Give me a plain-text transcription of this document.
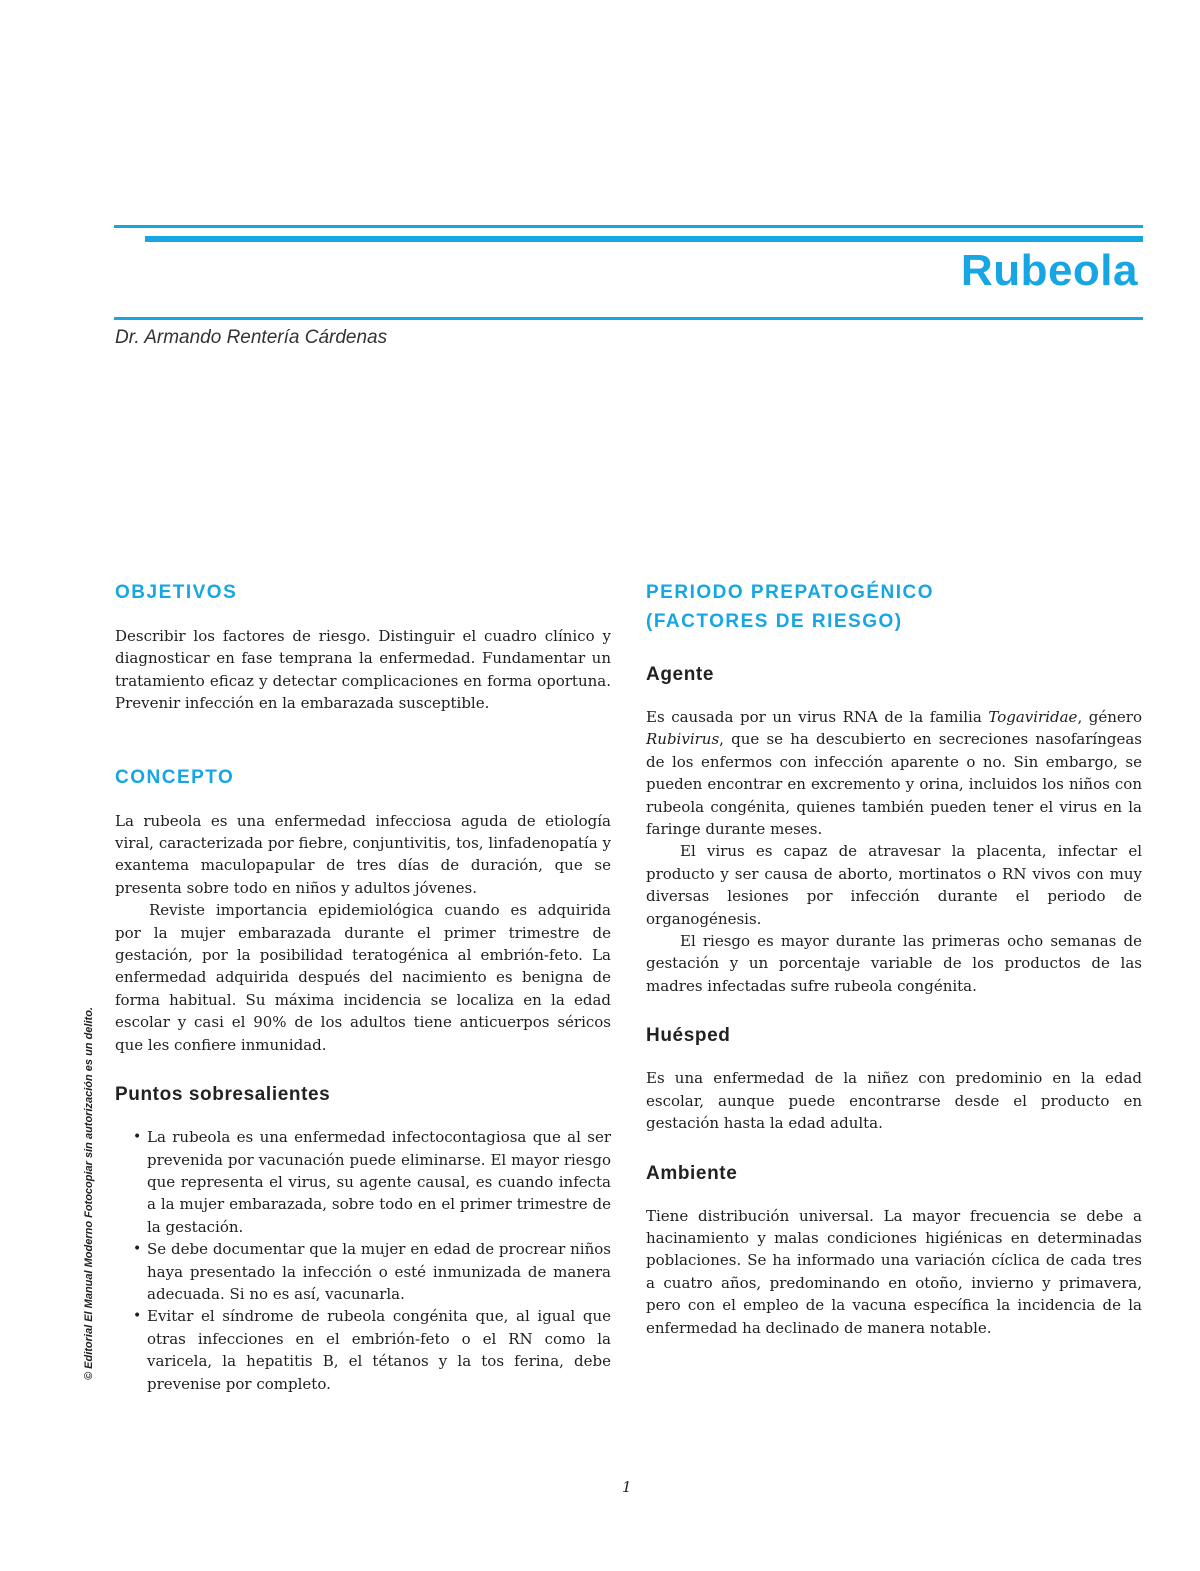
Rubeola

Dr. Armando Rentería Cárdenas

OBJETIVOS

Describir los factores de riesgo. Distinguir el cuadro clínico y diagnosticar en fase temprana la enfermedad. Fundamentar un tratamiento eficaz y detectar complicaciones en forma oportuna. Prevenir infección en la embarazada susceptible.

CONCEPTO

La rubeola es una enfermedad infecciosa aguda de etiología viral, caracterizada por fiebre, conjuntivitis, tos, linfadenopatía y exantema maculopapular de tres días de duración, que se presenta sobre todo en niños y adultos jóvenes.

Reviste importancia epidemiológica cuando es adquirida por la mujer embarazada durante el primer trimestre de gestación, por la posibilidad teratogénica al embrión-feto. La enfermedad adquirida después del nacimiento es benigna de forma habitual. Su máxima incidencia se localiza en la edad escolar y casi el 90% de los adultos tiene anticuerpos séricos que les confiere inmunidad.

Puntos sobresalientes
• La rubeola es una enfermedad infectocontagiosa que al ser prevenida por vacunación puede eliminarse. El mayor riesgo que representa el virus, su agente causal, es cuando infecta a la mujer embarazada, sobre todo en el primer trimestre de la gestación.
• Se debe documentar que la mujer en edad de procrear niños haya presentado la infección o esté inmunizada de manera adecuada. Si no es así, vacunarla.
• Evitar el síndrome de rubeola congénita que, al igual que otras infecciones en el embrión-feto o el RN como la varicela, la hepatitis B, el tétanos y la tos ferina, debe prevenise por completo.
PERIODO PREPATOGÉNICO
(FACTORES DE RIESGO)
Agente

Es causada por un virus RNA de la familia Togaviridae, género Rubivirus, que se ha descubierto en secreciones nasofaríngeas de los enfermos con infección aparente o no. Sin embargo, se pueden encontrar en excremento y orina, incluidos los niños con rubeola congénita, quienes también pueden tener el virus en la faringe durante meses.

El virus es capaz de atravesar la placenta, infectar el producto y ser causa de aborto, mortinatos o RN vivos con muy diversas lesiones por infección durante el periodo de organogénesis.

El riesgo es mayor durante las primeras ocho semanas de gestación y un porcentaje variable de los productos de las madres infectadas sufre rubeola congénita.

Huésped

Es una enfermedad de la niñez con predominio en la edad escolar, aunque puede encontrarse desde el producto en gestación hasta la edad adulta.

Ambiente

Tiene distribución universal. La mayor frecuencia se debe a hacinamiento y malas condiciones higiénicas en determinadas poblaciones. Se ha informado una variación cíclica de cada tres a cuatro años, predominando en otoño, invierno y primavera, pero con el empleo de la vacuna específica la incidencia de la enfermedad ha declinado de manera notable.

© Editorial El Manual Moderno Fotocopiar sin autorización es un delito.
1
